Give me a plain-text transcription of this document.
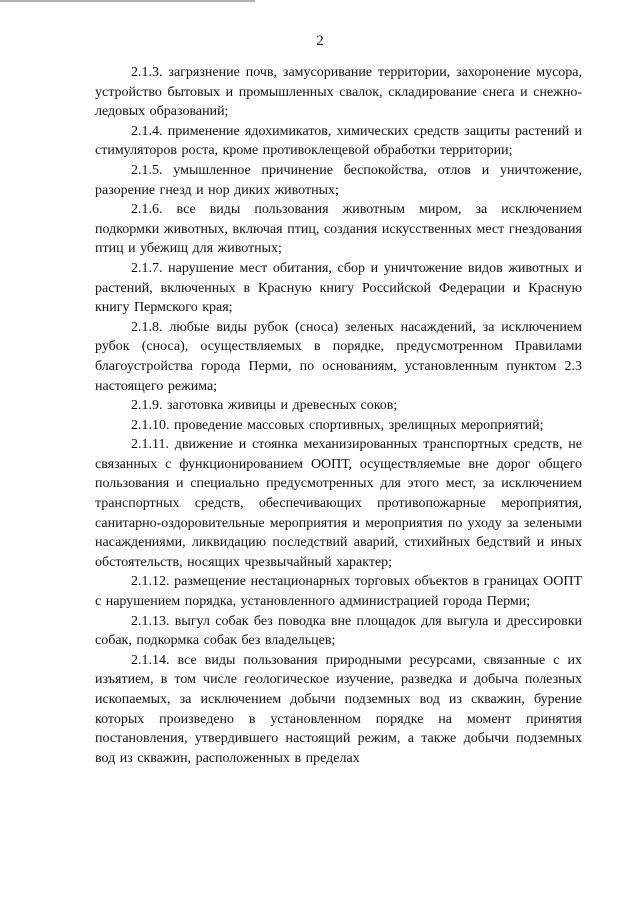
2

2.1.3. загрязнение почв, замусоривание территории, захоронение мусора, устройство бытовых и промышленных свалок, складирование снега и снежно-ледовых образований;

2.1.4. применение ядохимикатов, химических средств защиты растений и стимуляторов роста, кроме противоклещевой обработки территории;

2.1.5. умышленное причинение беспокойства, отлов и уничтожение, разорение гнезд и нор диких животных;

2.1.6. все виды пользования животным миром, за исключением подкормки животных, включая птиц, создания искусственных мест гнездования птиц и убежищ для животных;

2.1.7. нарушение мест обитания, сбор и уничтожение видов животных и растений, включенных в Красную книгу Российской Федерации и Красную книгу Пермского края;

2.1.8. любые виды рубок (сноса) зеленых насаждений, за исключением рубок (сноса), осуществляемых в порядке, предусмотренном Правилами благоустройства города Перми, по основаниям, установленным пунктом 2.3 настоящего режима;

2.1.9. заготовка живицы и древесных соков;

2.1.10. проведение массовых спортивных, зрелищных мероприятий;

2.1.11. движение и стоянка механизированных транспортных средств, не связанных с функционированием ООПТ, осуществляемые вне дорог общего пользования и специально предусмотренных для этого мест, за исключением транспортных средств, обеспечивающих противопожарные мероприятия, санитарно-оздоровительные мероприятия и мероприятия по уходу за зелеными насаждениями, ликвидацию последствий аварий, стихийных бедствий и иных обстоятельств, носящих чрезвычайный характер;

2.1.12. размещение нестационарных торговых объектов в границах ООПТ с нарушением порядка, установленного администрацией города Перми;

2.1.13. выгул собак без поводка вне площадок для выгула и дрессировки собак, подкормка собак без владельцев;

2.1.14. все виды пользования природными ресурсами, связанные с их изъятием, в том числе геологическое изучение, разведка и добыча полезных ископаемых, за исключением добычи подземных вод из скважин, бурение которых произведено в установленном порядке на момент принятия постановления, утвердившего настоящий режим, а также добычи подземных вод из скважин, расположенных в пределах
